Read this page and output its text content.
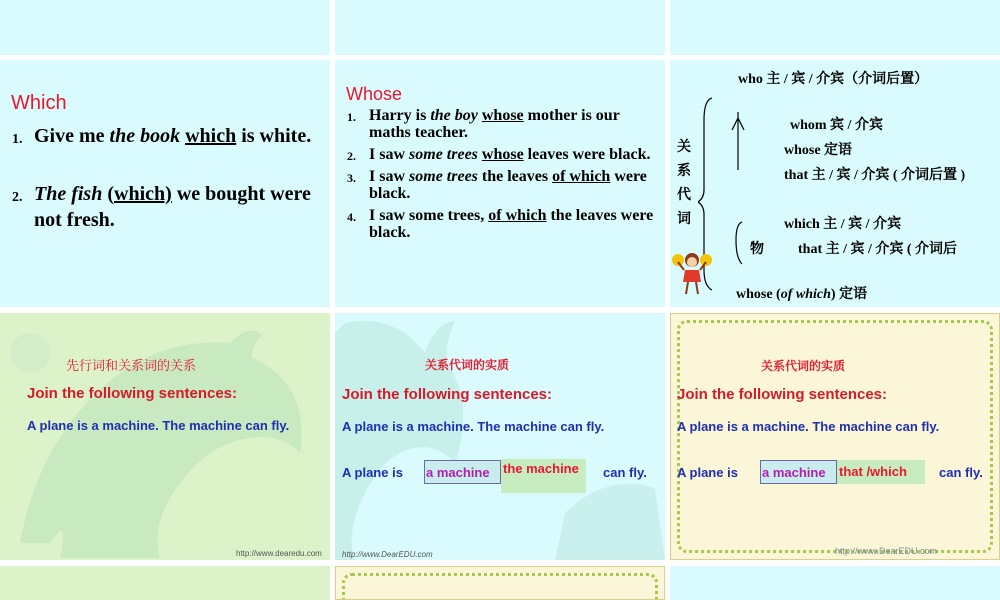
Which
1. Give me the book which is white.
2. The fish (which) we bought were not fresh.
Whose
1. Harry is the boy whose mother is our maths teacher.
2. I saw some trees whose leaves were black.
3. I saw some trees the leaves of which were black.
4. I saw some trees, of which the leaves were black.
who 主 / 宾 / 介宾（介词后置）
关
系
代
词
whom 宾 / 介宾
whose 定语
that 主 / 宾 / 介宾 ( 介词后置 )
which 主 / 宾 / 介宾
物 that 主 / 宾 / 介宾 ( 介词后
whose (of which) 定语
先行词和关系词的关系
Join the following sentences:
A plane is a machine. The machine can fly.
http://www.dearedu.com
关系代词的实质
Join the following sentences:
A plane is a machine. The machine can fly.
A plane is a machine	the machine	can fly.
http://www.DearEDU.com
关系代词的实质
Join the following sentences:
A plane is a machine. The machine can fly.
A plane is a machine	that /which	can fly.
http://www.DearEDU.com
